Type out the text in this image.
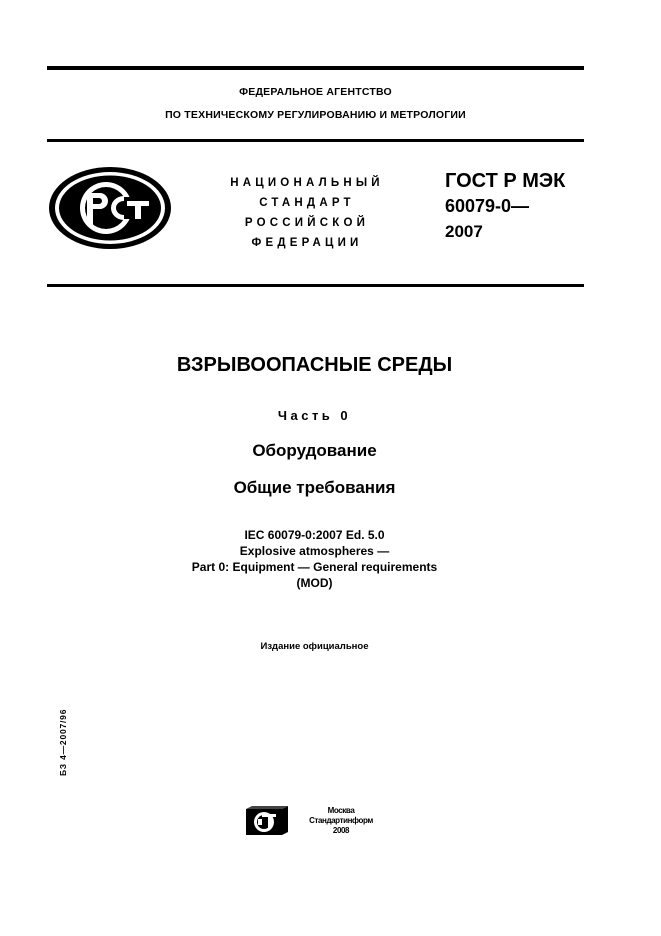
ФЕДЕРАЛЬНОЕ АГЕНТСТВО
ПО ТЕХНИЧЕСКОМУ РЕГУЛИРОВАНИЮ И МЕТРОЛОГИИ
НАЦИОНАЛЬНЫЙ
СТАНДАРТ
РОССИЙСКОЙ
ФЕДЕРАЦИИ
ГОСТ Р МЭК
60079-0—
2007
ВЗРЫВООПАСНЫЕ СРЕДЫ
Часть 0
Оборудование
Общие требования
IEC 60079-0:2007 Ed. 5.0
Explosive atmospheres —
Part 0: Equipment — General requirements
(MOD)
Издание официальное
БЗ 4—2007/96
Москва
Стандартинформ
2008
